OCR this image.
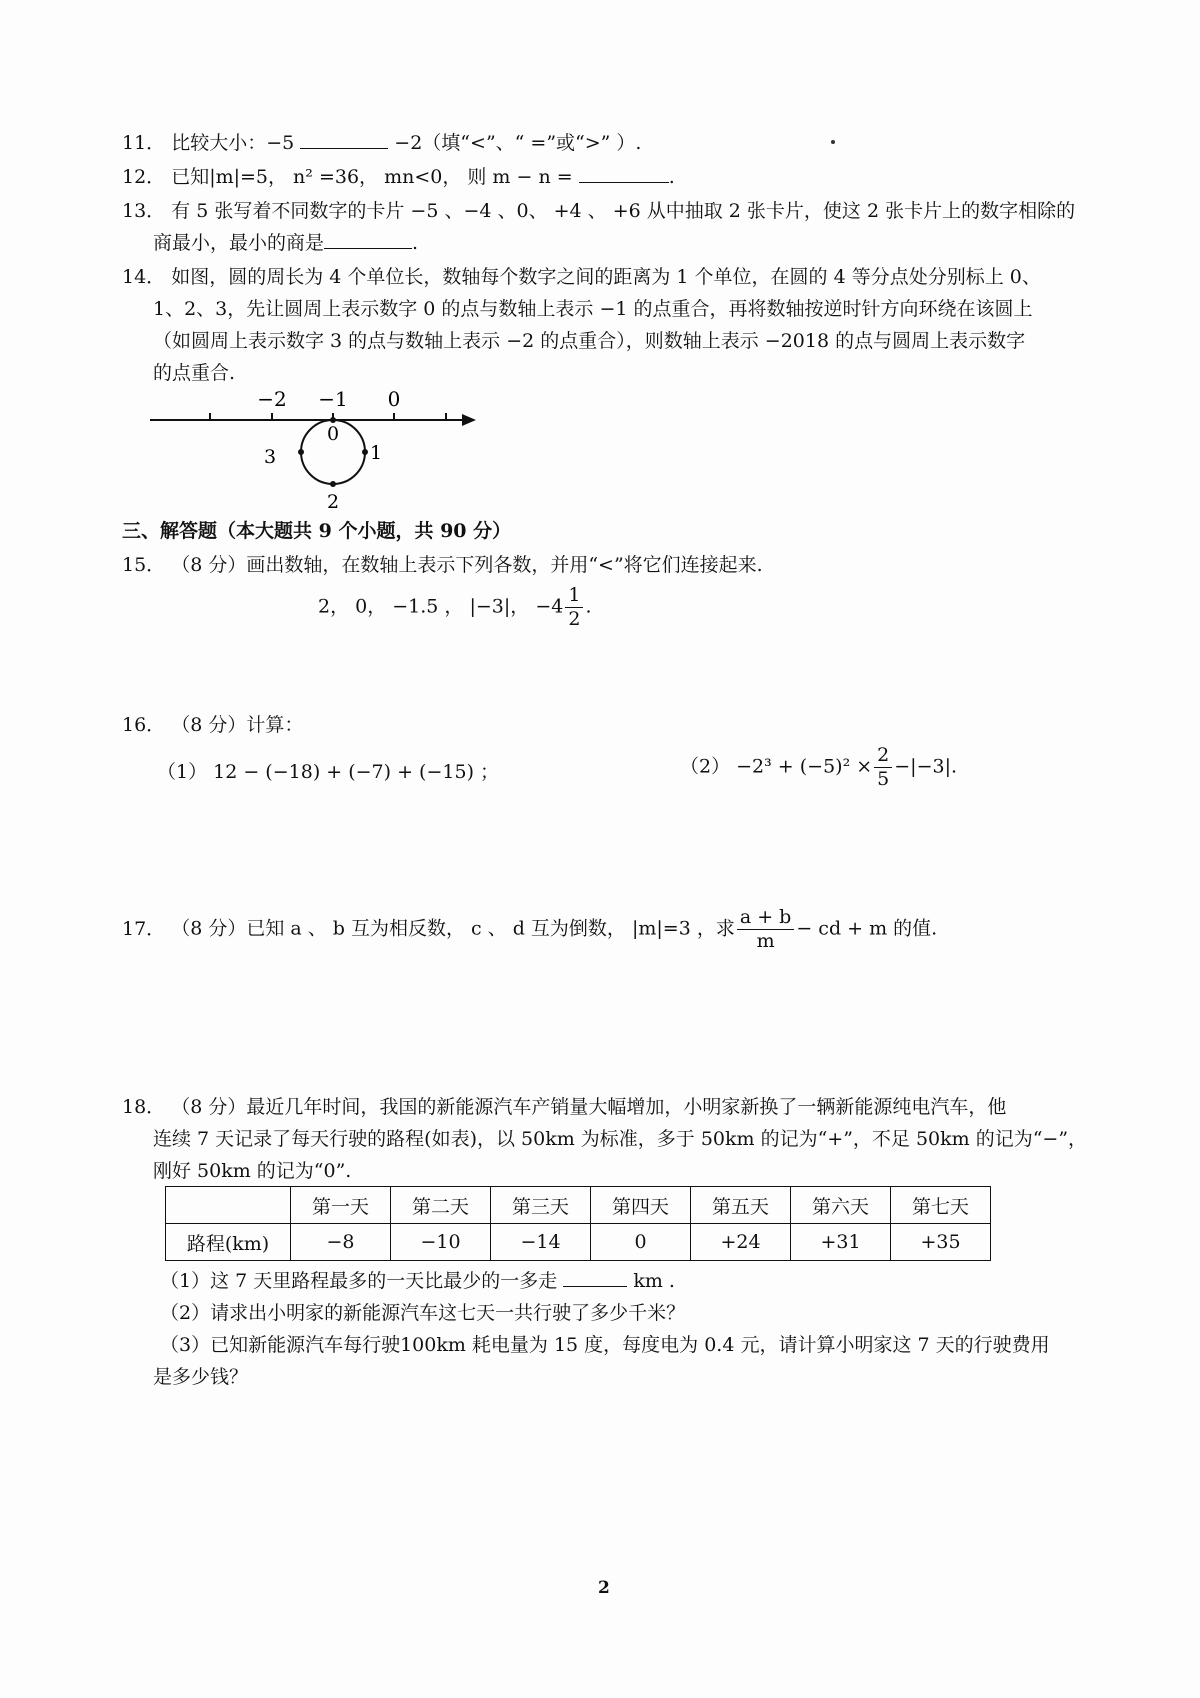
11． 比较大小：−5	−2（填“<”、“ =”或“>” ）.
12． 已知|m|=5， n² =36， mn<0， 则 m − n =	.
13． 有 5 张写着不同数字的卡片 −5 、−4 、0、 +4 、 +6 从中抽取 2 张卡片，使这 2 张卡片上的数字相除的
商最小，最小的商是	.
14． 如图，圆的周长为 4 个单位长，数轴每个数字之间的距离为 1 个单位，在圆的 4 等分点处分别标上 0、
1、2、3，先让圆周上表示数字 0 的点与数轴上表示 −1 的点重合，再将数轴按逆时针方向环绕在该圆上
（如圆周上表示数字 3 的点与数轴上表示 −2 的点重合），则数轴上表示 −2018 的点与圆周上表示数字
的点重合.
−2 −1 0
0
1
2
3
三、解答题（本大题共 9 个小题，共 90 分）
15． （8 分）画出数轴，在数轴上表示下列各数，并用“<”将它们连接起来.
2， 0， −1.5 ， |−3|， $-4 \frac{1}{2}$ .
16． （8 分）计算：
（1） 12 − (−18) + (−7) + (−15) ；	$(2) -2^3 + (-5)^2 \times \frac{2}{5} -|-3|$.
17． （8 分）已知 a 、 b 互为相反数， c 、 d 互为倒数， |m|=3 ，求 $\frac{a + b}{m}$ − cd + m 的值.
18． （8 分）最近几年时间，我国的新能源汽车产销量大幅增加，小明家新换了一辆新能源纯电汽车，他
连续 7 天记录了每天行驶的路程(如表)，以 50km 为标准，多于 50km 的记为“+”，不足 50km 的记为“−”，
刚好 50km 的记为“0”.
	第一天	第二天	第三天	第四天	第五天	第六天	第七天
路程(km)	−8	−10	−14	0	+24	+31	+35
（1）这 7 天里路程最多的一天比最少的一多走	km .
（2）请求出小明家的新能源汽车这七天一共行驶了多少千米？
（3）已知新能源汽车每行驶100km 耗电量为 15 度，每度电为 0.4 元，请计算小明家这 7 天的行驶费用
是多少钱？
2
